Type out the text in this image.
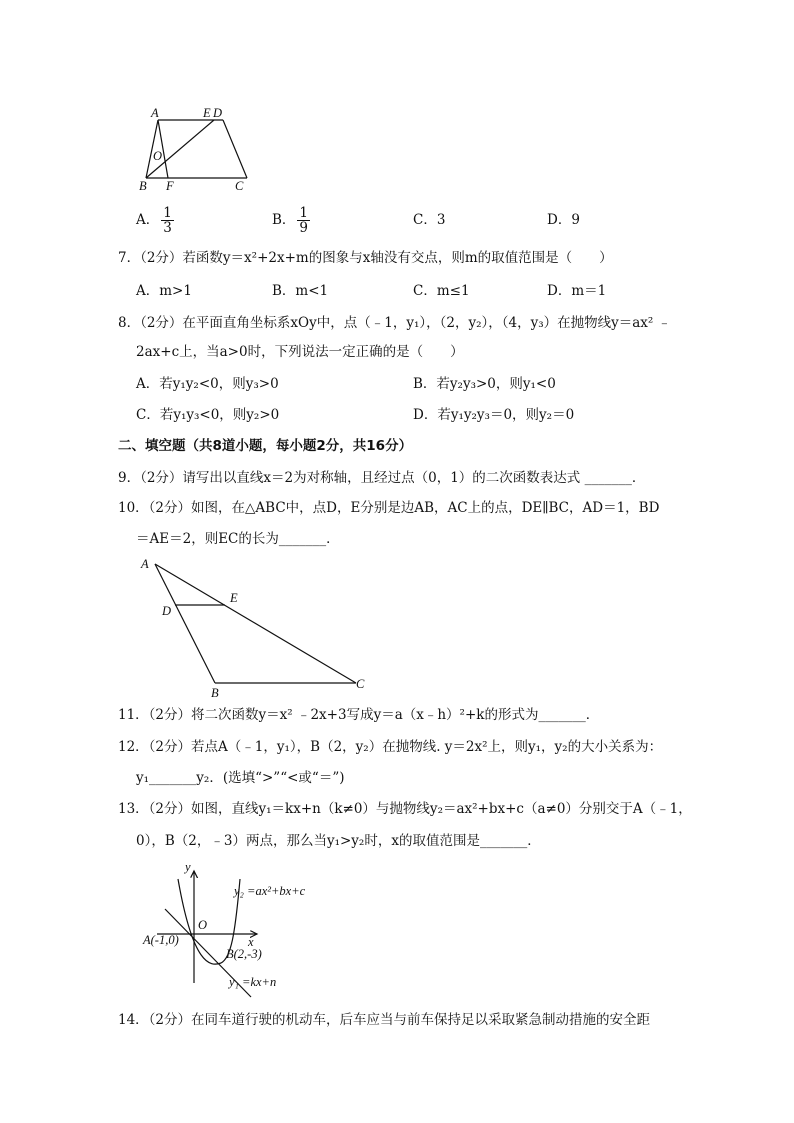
A	E D
O
B F	C
A． $\frac{1}{3}$	B． $\frac{1}{9}$	C．3	D．9
7．（2分）若函数y＝x²+2x+m的图象与x轴没有交点，则m的取值范围是（　　）
A．m>1	B．m<1	C．m≤1	D．m＝1
8．（2分）在平面直角坐标系xOy中，点（﹣1，y₁），（2，y₂），（4，y₃）在抛物线y＝ax² ﹣
2ax+c上，当a>0时，下列说法一定正确的是（　　）
A．若y₁y₂<0，则y₃>0	B．若y₂y₃>0，则y₁<0
C．若y₁y₃<0，则y₂>0	D．若y₁y₂y₃＝0，则y₂＝0
二、填空题（共8道小题，每小题2分，共16分）
9．（2分）请写出以直线x＝2为对称轴，且经过点（0，1）的二次函数表达式 _______．
10．（2分）如图，在△ABC中，点D，E分别是边AB，AC上的点，DE∥BC，AD＝1，BD
＝AE＝2，则EC的长为_______．
A
D
E
B
C
11．（2分）将二次函数y＝x² ﹣2x+3写成y＝a（x﹣h）²+k的形式为_______．
12．（2分）若点A（﹣1，y₁），B（2，y₂）在抛物线. y＝2x²上，则y₁，y₂的大小关系为：
y₁_______y₂．(选填“>”“<或“＝”)
13．（2分）如图，直线y₁＝kx+n（k≠0）与抛物线y₂＝ax²+bx+c（a≠0）分别交于A（﹣1，
0），B（2，﹣3）两点，那么当y₁>y₂时，x的取值范围是_______．
y
x
O
y₂ =ax²+bx+c
y₁ =kx+n
A(-1,0)
B(2,-3)
14．（2分）在同车道行驶的机动车，后车应当与前车保持足以采取紧急制动措施的安全距
